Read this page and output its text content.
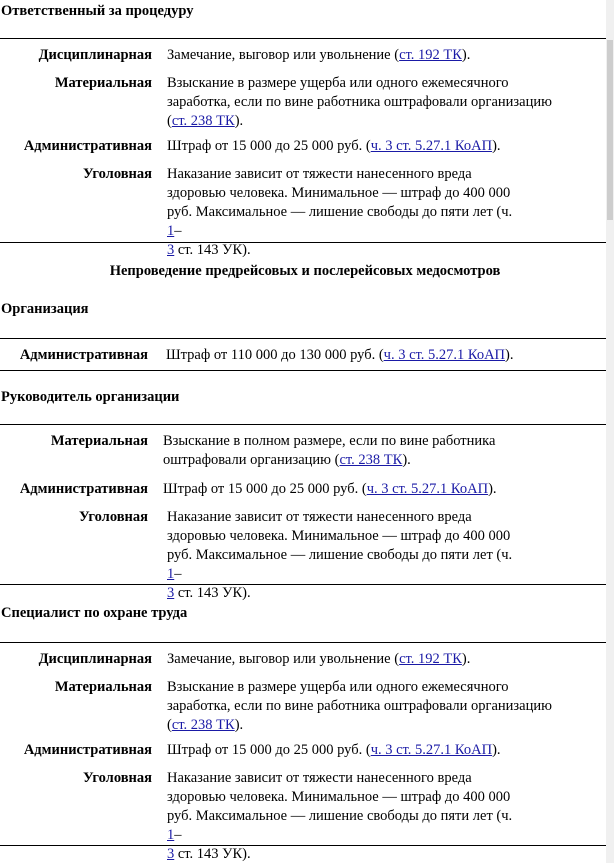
Ответственный за процедуру
Дисциплинарная Замечание, выговор или увольнение (ст. 192 ТК).
Материальная Взыскание в размере ущерба или одного ежемесячного заработка, если по вине работника оштрафовали организацию (ст. 238 ТК).
Административная Штраф от 15 000 до 25 000 руб. (ч. 3 ст. 5.27.1 КоАП).
Уголовная Наказание зависит от тяжести нанесенного вреда здоровью человека. Минимальное — штраф до 400 000 руб. Максимальное — лишение свободы до пяти лет (ч. 1–
3 ст. 143 УК).
Непроведение предрейсовых и послерейсовых медосмотров
Организация
Административная Штраф от 110 000 до 130 000 руб. (ч. 3 ст. 5.27.1 КоАП).
Руководитель организации
Материальная Взыскание в полном размере, если по вине работника оштрафовали организацию (ст. 238 ТК).
Административная Штраф от 15 000 до 25 000 руб. (ч. 3 ст. 5.27.1 КоАП).
Уголовная Наказание зависит от тяжести нанесенного вреда здоровью человека. Минимальное — штраф до 400 000 руб. Максимальное — лишение свободы до пяти лет (ч. 1–
3 ст. 143 УК).
Специалист по охране труда
Дисциплинарная Замечание, выговор или увольнение (ст. 192 ТК).
Материальная Взыскание в размере ущерба или одного ежемесячного заработка, если по вине работника оштрафовали организацию (ст. 238 ТК).
Административная Штраф от 15 000 до 25 000 руб. (ч. 3 ст. 5.27.1 КоАП).
Уголовная Наказание зависит от тяжести нанесенного вреда здоровью человека. Минимальное — штраф до 400 000 руб. Максимальное — лишение свободы до пяти лет (ч. 1–
3 ст. 143 УК).
